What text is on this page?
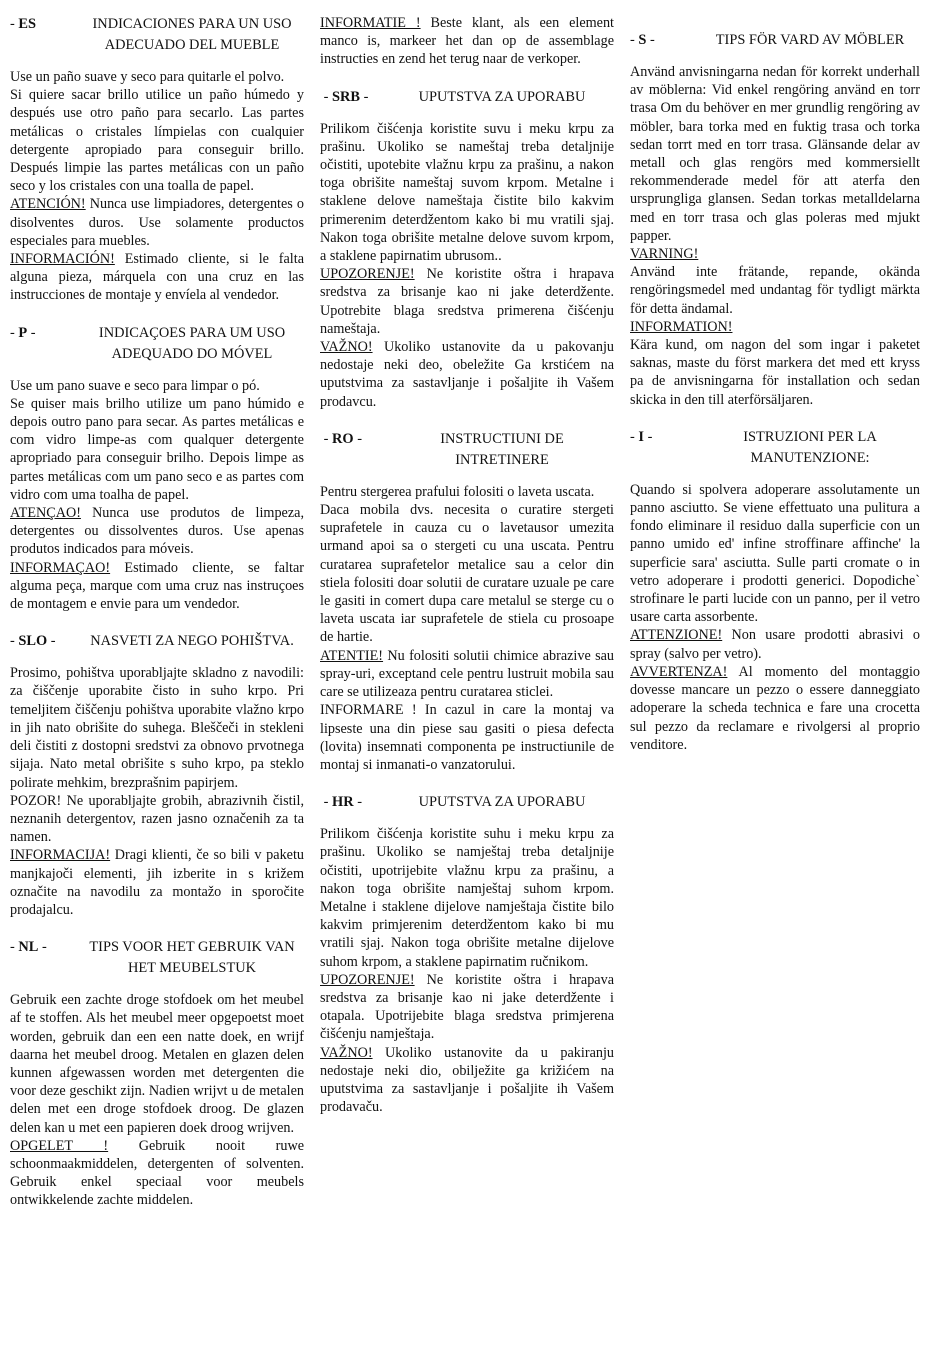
- ES	INDICACIONES PARA UN USO ADECUADO DEL MUEBLE

Use un paño suave y seco para quitarle el polvo.

Si quiere sacar brillo utilice un paño húmedo y después use otro paño para secarlo. Las partes metálicas o cristales límpielas con cualquier detergente apropiado para conseguir brillo. Después limpie las partes metálicas con un paño seco y los cristales con una toalla de papel.

ATENCIÓN! Nunca use limpiadores, detergentes o disolventes duros. Use solamente productos especiales para muebles.

INFORMACIÓN! Estimado cliente, si le falta alguna pieza, márquela con una cruz en las instrucciones de montaje y envíela al vendedor.

- P -	INDICAÇOES PARA UM USO ADEQUADO DO MÓVEL

Use um pano suave e seco para limpar o pó.

Se quiser mais brilho utilize um pano húmido e depois outro pano para secar. As partes metálicas e com vidro limpe-as com qualquer detergente apropriado para conseguir brilho. Depois limpe as partes metálicas com um pano seco e as partes com vidro com uma toalha de papel.

ATENÇAO! Nunca use produtos de limpeza, detergentes ou dissolventes duros. Use apenas produtos indicados para móveis.

INFORMAÇAO! Estimado cliente, se faltar alguma peça, marque com uma cruz nas instruçoes de montagem e envie para um vendedor.

- SLO -	NASVETI ZA NEGO POHIŠTVA.

Prosimo, pohištva uporabljajte skladno z navodili: za čiščenje uporabite čisto in suho krpo. Pri temeljitem čiščenju pohištva uporabite vlažno krpo in jih nato obrišite do suhega. Bleščeči in stekleni deli čistiti z dostopni sredstvi za obnovo prvotnega sijaja. Nato metal obrišite s suho krpo, pa steklo polirate mehkim, brezprašnim papirjem.

POZOR! Ne uporabljajte grobih, abrazivnih čistil, neznanih detergentov, razen jasno označenih za ta namen.

INFORMACIJA! Dragi klienti, če so bili v paketu manjkajoči elementi, jih izberite in s križem označite na navodilu za montažo in sporočite prodajalcu.

- NL -	TIPS VOOR HET GEBRUIK VAN HET MEUBELSTUK

Gebruik een zachte droge stofdoek om het meubel af te stoffen. Als het meubel meer opgepoetst moet worden, gebruik dan een een natte doek, en wrijf daarna het meubel droog. Metalen en glazen delen kunnen afgewassen worden met detergenten die voor deze geschikt zijn. Nadien wrijvt u de metalen delen met een droge stofdoek droog. De glazen delen kan u met een papieren doek droog wrijven.

OPGELET ! Gebruik nooit ruwe schoonmaakmiddelen, detergenten of solventen. Gebruik enkel speciaal voor meubels ontwikkelende zachte middelen.

INFORMATIE ! Beste klant, als een element manco is, markeer het dan op de assemblage instructies en zend het terug naar de verkoper.

- SRB -	UPUTSTVA ZA UPORABU

Prilikom čišćenja koristite suvu i meku krpu za prašinu. Ukoliko se nameštaj treba detaljnije očistiti, upotebite vlažnu krpu za prašinu, a nakon toga obrišite nameštaj suvom krpom. Metalne i staklene delove nameštaja čistite bilo kakvim primerenim deterdžentom kako bi mu vratili sjaj. Nakon toga obrišite metalne delove suvom krpom, a staklene papirnatim ubrusom..

UPOZORENJE! Ne koristite oštra i hrapava sredstva za brisanje kao ni jake deterdžente. Upotrebite blaga sredstva primerena čišćenju nameštaja.

VAŽNO! Ukoliko ustanovite da u pakovanju nedostaje neki deo, obeležite Ga krstićem na uputstvima za sastavljanje i pošaljite ih Vašem prodavcu.

- RO -	INSTRUCTIUNI DE INTRETINERE

Pentru stergerea prafului folositi o laveta uscata.

Daca mobila dvs. necesita o curatire stergeti suprafetele in cauza cu o lavetausor umezita urmand apoi sa o stergeti cu una uscata. Pentru curatarea suprafetelor metalice sau a celor din stiela folositi doar solutii de curatare uzuale pe care le gasiti in comert dupa care metalul se sterge cu o laveta uscata iar suprafetele de stiela cu prosoape de hartie.

ATENTIE! Nu folositi solutii chimice abrazive sau spray-uri, exceptand cele pentru lustruit mobila sau care se utilizeaza pentru curatarea sticlei.

INFORMARE ! In cazul in care la montaj va lipseste una din piese sau gasiti o piesa defecta (lovita) insemnati componenta pe instructiunile de montaj si inmanati-o vanzatorului.

- HR -	UPUTSTVA ZA UPORABU

Prilikom čišćenja koristite suhu i meku krpu za prašinu. Ukoliko se namještaj treba detaljnije očistiti, upotrijebite vlažnu krpu za prašinu, a nakon toga obrišite namještaj suhom krpom. Metalne i staklene dijelove namještaja čistite bilo kakvim primjerenim deterdžentom kako bi mu vratili sjaj. Nakon toga obrišite metalne dijelove suhom krpom, a staklene papirnatim ručnikom.

UPOZORENJE! Ne koristite oštra i hrapava sredstva za brisanje kao ni jake deterdžente i otapala. Upotrijebite blaga sredstva primjerena čišćenju namještaja.

VAŽNO! Ukoliko ustanovite da u pakiranju nedostaje neki dio, obilježite ga križićem na uputstvima za sastavljanje i pošaljite ih Vašem prodavaču.

- S -	TIPS FÖR VARD AV MÖBLER

Använd anvisningarna nedan för korrekt underhall av möblerna: Vid enkel rengöring använd en torr trasa Om du behöver en mer grundlig rengöring av möbler, bara torka med en fuktig trasa och torka sedan torrt med en torr trasa. Glänsande delar av metall och glas rengörs med kommersiellt rekommenderade medel för att aterfa den ursprungliga glansen. Sedan torkas metalldelarna med en torr trasa och glas poleras med mjukt papper.

VARNING!

Använd inte frätande, repande, okända rengöringsmedel med undantag för tydligt märkta för detta ändamal.

INFORMATION!

Kära kund, om nagon del som ingar i paketet saknas, maste du först markera det med ett kryss pa de anvisningarna för installation och sedan skicka in den till aterförsäljaren.

- I -	ISTRUZIONI PER LA MANUTENZIONE:

Quando si spolvera adoperare assolutamente un panno asciutto. Se viene effettuato una pulitura a fondo eliminare il residuo dalla superficie con un panno umido ed' infine stroffinare affinche' la superficie sara' asciutta. Sulle parti cromate o in vetro adoperare i prodotti generici. Dopodiche` strofinare le parti lucide con un panno, per il vetro usare carta assorbente.

ATTENZIONE! Non usare prodotti abrasivi o spray (salvo per vetro).

AVVERTENZA! Al momento del montaggio dovesse mancare un pezzo o essere danneggiato adoperare la scheda technica e fare una crocetta sul pezzo da reclamare e rivolgersi al proprio venditore.
